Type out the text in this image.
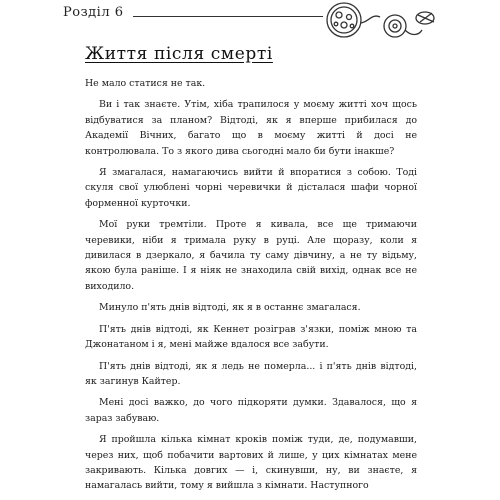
Розділ 6
Життя після смерті

Не мало статися не так.

Ви і так знаєте. Утім, хіба трапилося у моєму житті хоч щось відбуватися за планом? Відтоді, як я вперше прибилася до Академії Вічних, багато що в моєму житті й досі не контролювала. То з якого дива сьогодні мало би бути інакше?

Я змагалася, намагаючись вийти й впоратися з собою. Тоді скуля свої улюблені чорні черевички й дісталася шафи чорної форменної курточки.

Мої руки тремтіли. Проте я кивала, все ще тримаючи черевики, ніби я тримала руку в руці. Але щоразу, коли я дивилася в дзеркало, я бачила ту саму дівчину, а не ту відьму, якою була раніше. І я ніяк не знаходила свій вихід, однак все не виходило.

Минуло п'ять днів відтоді, як я в останнє змагалася.

П'ять днів відтоді, як Кеннет розіграв з'язки, поміж мною та Джонатаном і я, мені майже вдалося все забути.

П'ять днів відтоді, як я ледь не померла... і п'ять днів відтоді, як загинув Кайтер.

Мені досі важко, до чого підкоряти думки. Здавалося, що я зараз забуваю.

Я пройшла кілька кімнат кроків поміж туди, де, подумавши, через них, щоб побачити вартових й лише, у цих кімнатах мене закривають. Кілька довгих — і, скинувши, ну, ви знаєте, я намагалась вийти, тому я вийшла з кімнати. Наступного
